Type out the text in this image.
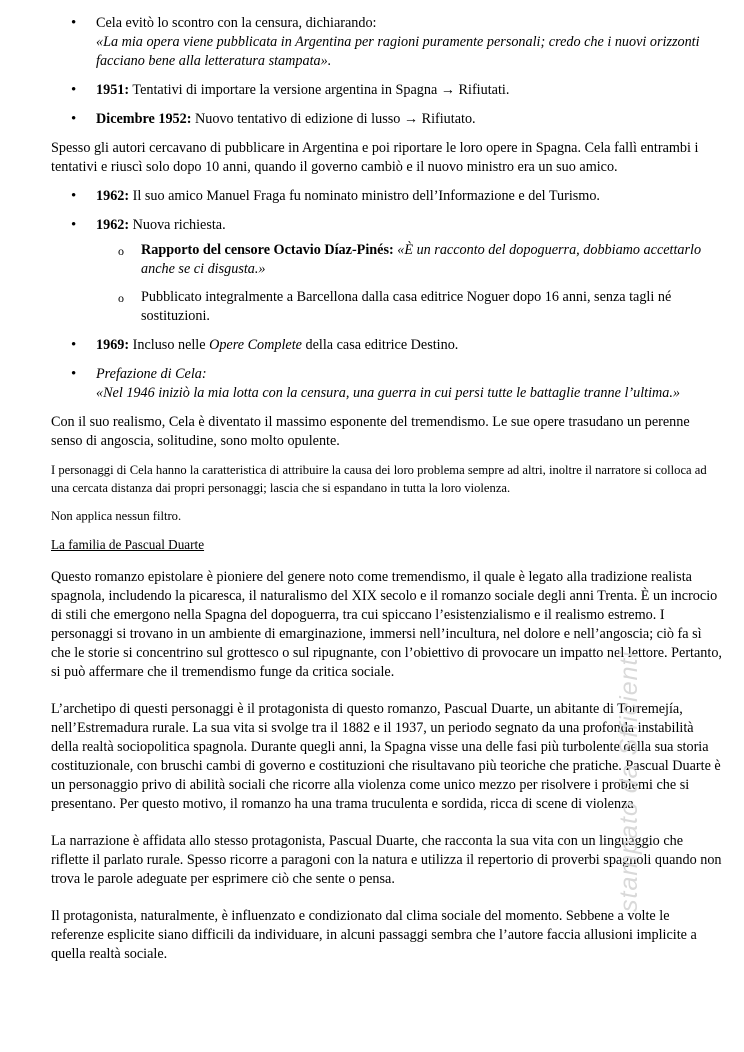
• Cela evitò lo scontro con la censura, dichiarando:
«La mia opera viene pubblicata in Argentina per ragioni puramente personali; credo che i nuovi orizzonti facciano bene alla letteratura stampata».
• 1951: Tentativi di importare la versione argentina in Spagna → Rifiutati.
• Dicembre 1952: Nuovo tentativo di edizione di lusso → Rifiutato.

Spesso gli autori cercavano di pubblicare in Argentina e poi riportare le loro opere in Spagna. Cela fallì entrambi i tentativi e riuscì solo dopo 10 anni, quando il governo cambiò e il nuovo ministro era un suo amico.

• 1962: Il suo amico Manuel Fraga fu nominato ministro dell’Informazione e del Turismo.
• 1962: Nuova richiesta.
o Rapporto del censore Octavio Díaz-Pinés: «È un racconto del dopoguerra, dobbiamo accettarlo anche se ci disgusta.»
o Pubblicato integralmente a Barcellona dalla casa editrice Noguer dopo 16 anni, senza tagli né sostituzioni.
• 1969: Incluso nelle Opere Complete della casa editrice Destino.
• Prefazione di Cela:
«Nel 1946 iniziò la mia lotta con la censura, una guerra in cui persi tutte le battaglie tranne l’ultima.»

Con il suo realismo, Cela è diventato il massimo esponente del tremendismo. Le sue opere trasudano un perenne senso di angoscia, solitudine, sono molto opulente.

I personaggi di Cela hanno la caratteristica di attribuire la causa dei loro problema sempre ad altri, inoltre il narratore si colloca ad una cercata distanza dai propri personaggi; lascia che si espandano in tutta la loro violenza.

Non applica nessun filtro.

La familia de Pascual Duarte

Questo romanzo epistolare è pioniere del genere noto come tremendismo, il quale è legato alla tradizione realista spagnola, includendo la picaresca, il naturalismo del XIX secolo e il romanzo sociale degli anni Trenta. È un incrocio di stili che emergono nella Spagna del dopoguerra, tra cui spiccano l’esistenzialismo e il realismo estremo. I personaggi si trovano in un ambiente di emarginazione, immersi nell’incultura, nel dolore e nell’angoscia; ciò fa sì che le storie si concentrino sul grottesco o sul ripugnante, con l’obiettivo di provocare un impatto nel lettore. Pertanto, si può affermare che il tremendismo funge da critica sociale.

L’archetipo di questi personaggi è il protagonista di questo romanzo, Pascual Duarte, un abitante di Torremejía, nell’Estremadura rurale. La sua vita si svolge tra il 1882 e il 1937, un periodo segnato da una profonda instabilità della realtà sociopolitica spagnola. Durante quegli anni, la Spagna visse una delle fasi più turbolente della sua storia costituzionale, con bruschi cambi di governo e costituzioni che risultavano più teoriche che pratiche. Pascual Duarte è un personaggio privo di abilità sociali che ricorre alla violenza come unico mezzo per risolvere i problemi che si presentano. Per questo motivo, il romanzo ha una trama truculenta e sordida, ricca di scene di violenza.

La narrazione è affidata allo stesso protagonista, Pascual Duarte, che racconta la sua vita con un linguaggio che riflette il parlato rurale. Spesso ricorre a paragoni con la natura e utilizza il repertorio di proverbi spagnoli quando non trova le parole adeguate per esprimere ciò che sente o pensa.

Il protagonista, naturalmente, è influenzato e condizionato dal clima sociale del momento. Sebbene a volte le referenze esplicite siano difficili da individuare, in alcuni passaggi sembra che l’autore faccia allusioni implicite a quella realtà sociale.

stampato da Sfficienti
